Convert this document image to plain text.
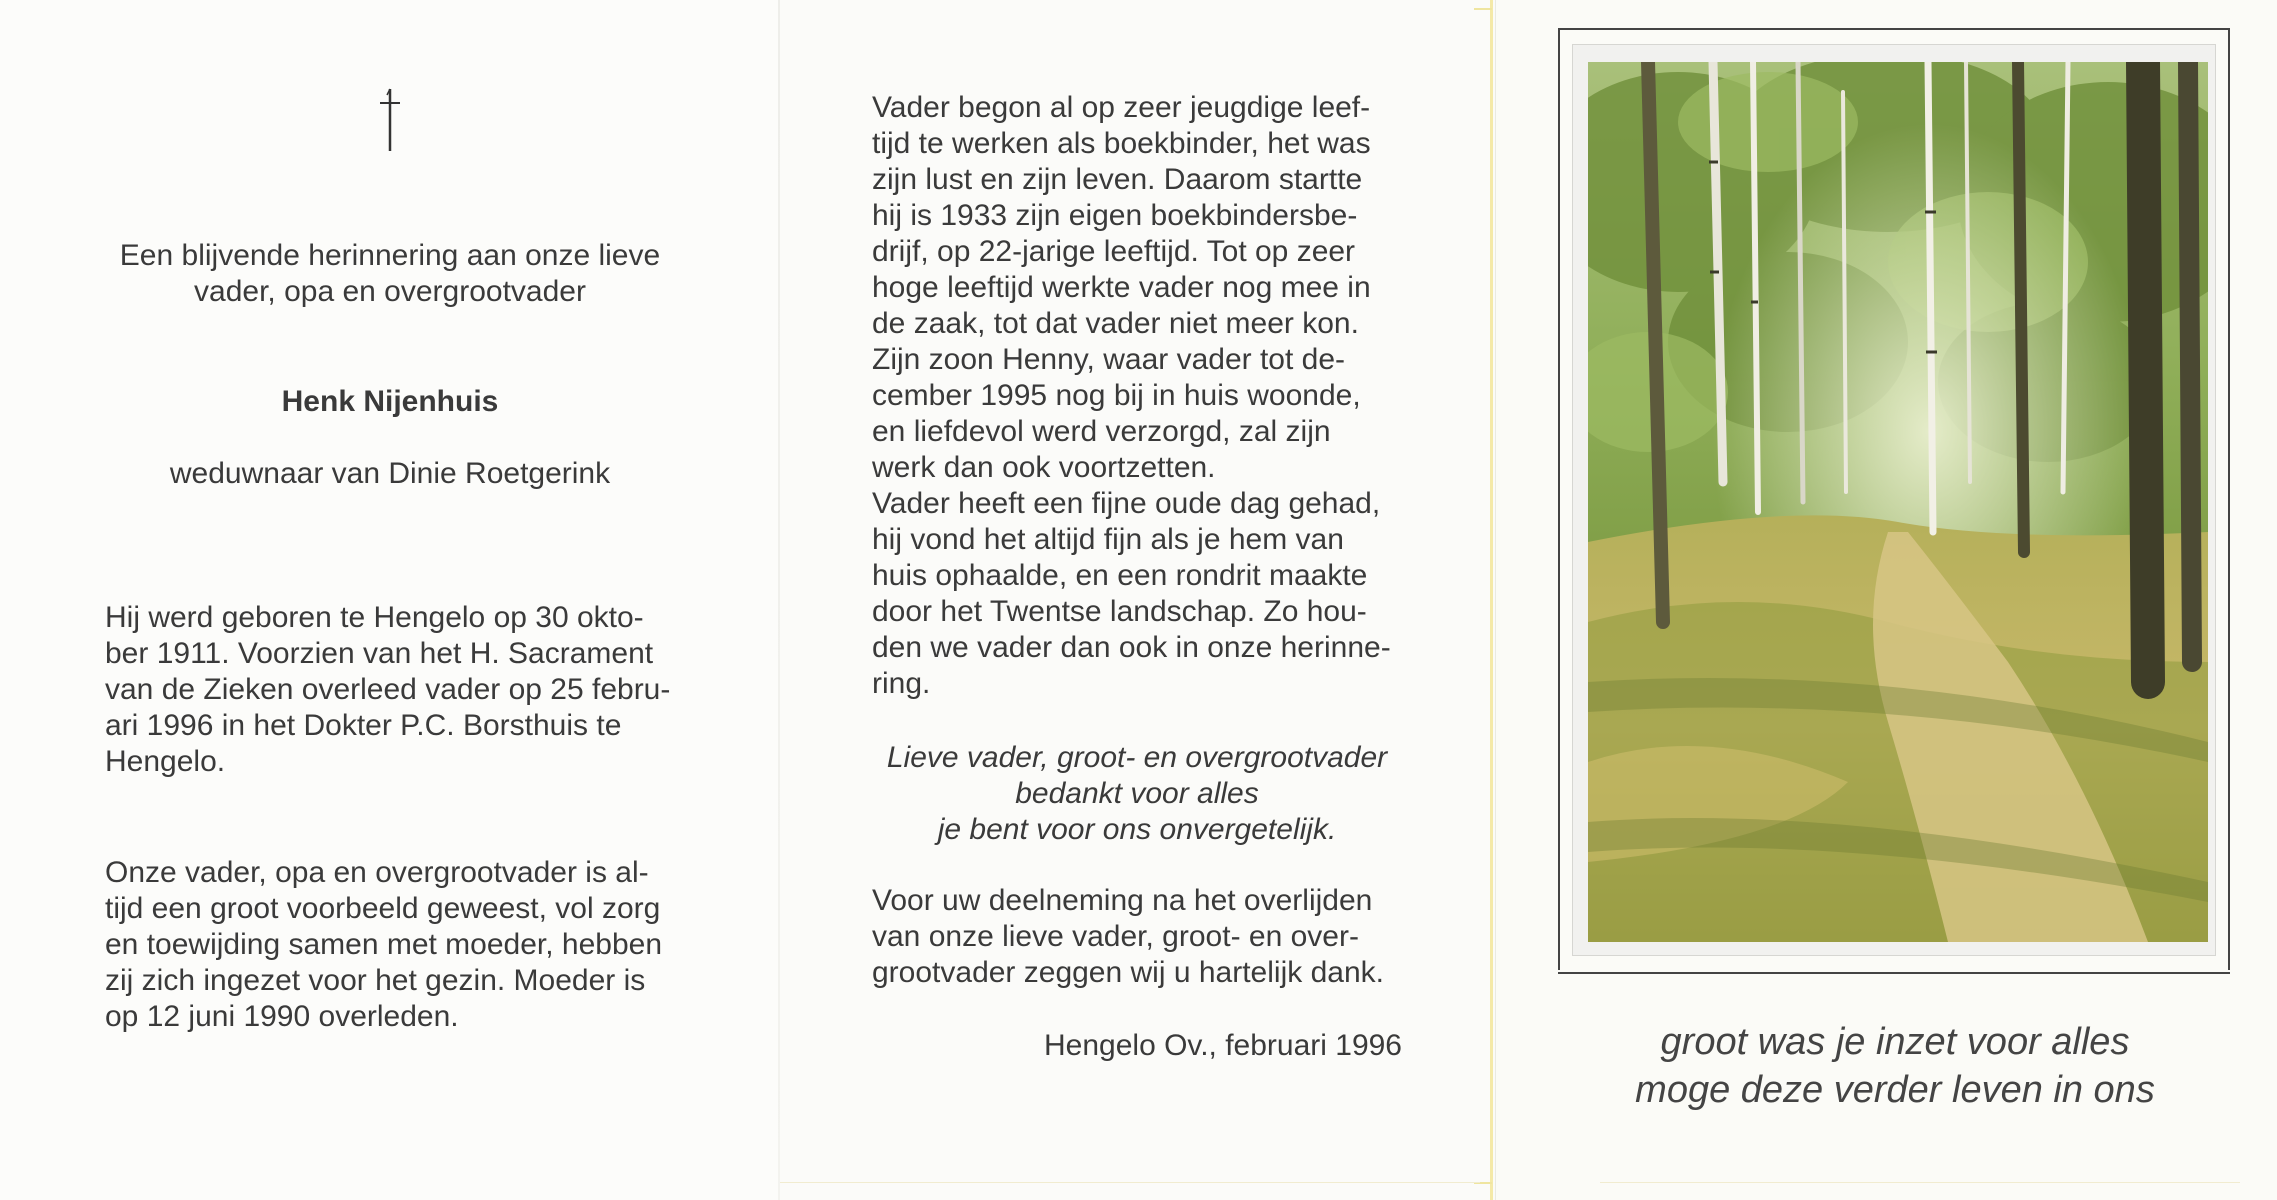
Een blijvende herinnering aan onze lieve

vader, opa en overgrootvader

Henk Nijenhuis
weduwnaar van Dinie Roetgerink

Hij werd geboren te Hengelo op 30 okto-

ber 1911. Voorzien van het H. Sacrament

van de Zieken overleed vader op 25 febru-

ari 1996 in het Dokter P.C. Borsthuis te

Hengelo.

Onze vader, opa en overgrootvader is al-

tijd een groot voorbeeld geweest, vol zorg

en toewijding samen met moeder, hebben

zij zich ingezet voor het gezin. Moeder is

op 12 juni 1990 overleden.

Vader begon al op zeer jeugdige leef-

tijd te werken als boekbinder, het was

zijn lust en zijn leven. Daarom startte

hij is 1933 zijn eigen boekbindersbe-

drijf, op 22-jarige leeftijd. Tot op zeer

hoge leeftijd werkte vader nog mee in

de zaak, tot dat vader niet meer kon.

Zijn zoon Henny, waar vader tot de-

cember 1995 nog bij in huis woonde,

en liefdevol werd verzorgd, zal zijn

werk dan ook voortzetten.

Vader heeft een fijne oude dag gehad,

hij vond het altijd fijn als je hem van

huis ophaalde, en een rondrit maakte

door het Twentse landschap. Zo hou-

den we vader dan ook in onze herinne-

ring.

Lieve vader, groot- en overgrootvader

bedankt voor alles

je bent voor ons onvergetelijk.

Voor uw deelneming na het overlijden

van onze lieve vader, groot- en over-

grootvader zeggen wij u hartelijk dank.

Hengelo Ov., februari 1996	groot was je inzet voor alles
moge deze verder leven in ons
